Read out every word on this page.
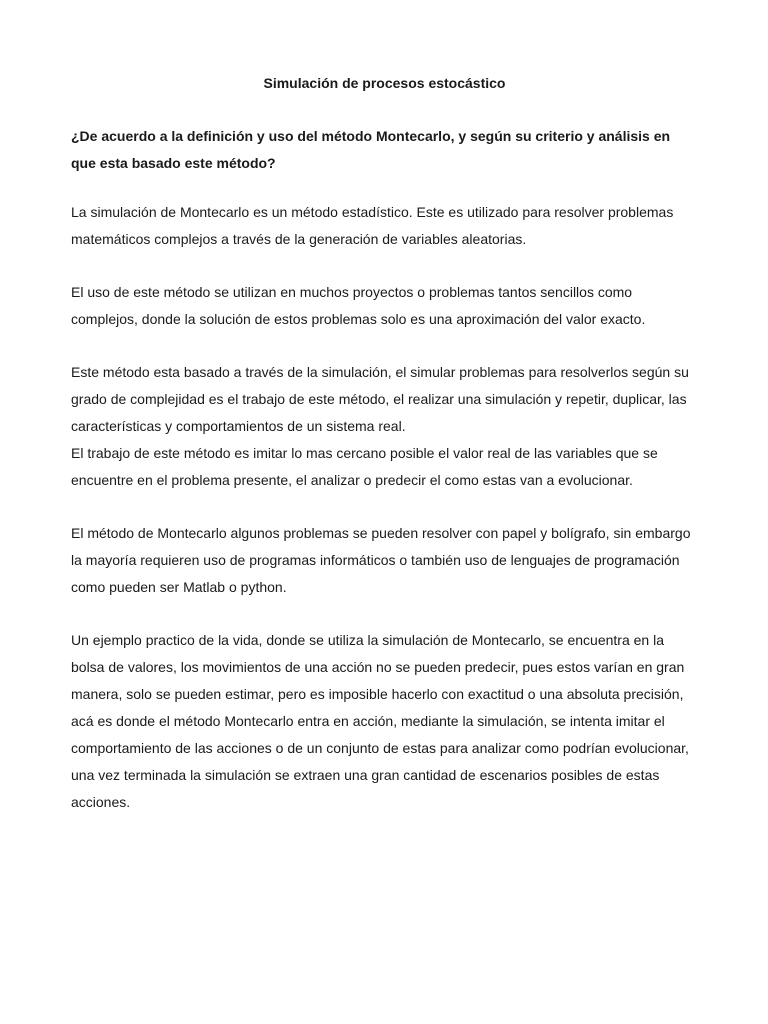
Simulación de procesos estocástico
¿De acuerdo a la definición y uso del método Montecarlo, y según su criterio y análisis en que esta basado este método?

La simulación de Montecarlo es un método estadístico. Este es utilizado para resolver problemas matemáticos complejos a través de la generación de variables aleatorias.

El uso de este método se utilizan en muchos proyectos o problemas tantos sencillos como complejos, donde la solución de estos problemas solo es una aproximación del valor exacto.

Este método esta basado a través de la simulación, el simular problemas para resolverlos según su grado de complejidad es el trabajo de este método, el realizar una simulación y repetir, duplicar, las características y comportamientos de un sistema real.

El trabajo de este método es imitar lo mas cercano posible el valor real de las variables que se encuentre en el problema presente, el analizar o predecir el como estas van a evolucionar.

El método de Montecarlo algunos problemas se pueden resolver con papel y bolígrafo, sin embargo la mayoría requieren uso de programas informáticos o también uso de lenguajes de programación como pueden ser Matlab o python.

Un ejemplo practico de la vida, donde se utiliza la simulación de Montecarlo, se encuentra en la bolsa de valores, los movimientos de una acción no se pueden predecir, pues estos varían en gran manera, solo se pueden estimar, pero es imposible hacerlo con exactitud o una absoluta precisión, acá es donde el método Montecarlo entra en acción, mediante la simulación, se intenta imitar el comportamiento de las acciones o de un conjunto de estas para analizar como podrían evolucionar, una vez terminada la simulación se extraen una gran cantidad de escenarios posibles de estas acciones.
